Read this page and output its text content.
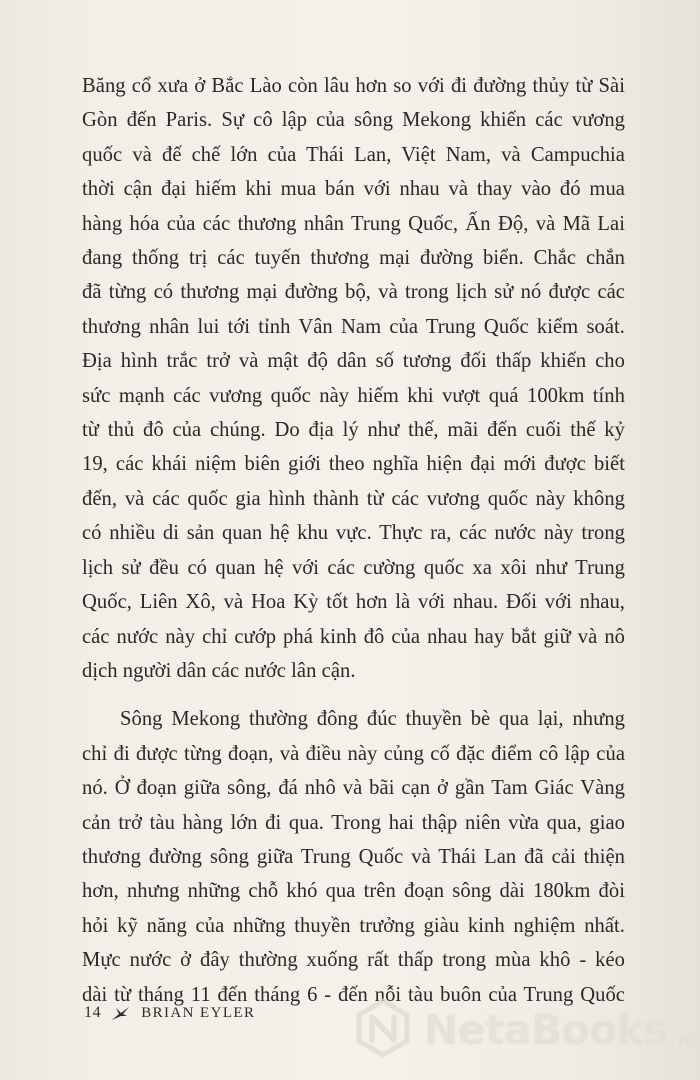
Băng cổ xưa ở Bắc Lào còn lâu hơn so với đi đường thủy từ Sài
Gòn đến Paris. Sự cô lập của sông Mekong khiến các vương
quốc và đế chế lớn của Thái Lan, Việt Nam, và Campuchia
thời cận đại hiếm khi mua bán với nhau và thay vào đó mua
hàng hóa của các thương nhân Trung Quốc, Ấn Độ, và Mã Lai
đang thống trị các tuyến thương mại đường biển. Chắc chắn
đã từng có thương mại đường bộ, và trong lịch sử nó được các
thương nhân lui tới tỉnh Vân Nam của Trung Quốc kiểm soát.
Địa hình trắc trở và mật độ dân số tương đối thấp khiến cho
sức mạnh các vương quốc này hiếm khi vượt quá 100km tính
từ thủ đô của chúng. Do địa lý như thế, mãi đến cuối thế kỷ
19, các khái niệm biên giới theo nghĩa hiện đại mới được biết
đến, và các quốc gia hình thành từ các vương quốc này không
có nhiều di sản quan hệ khu vực. Thực ra, các nước này trong
lịch sử đều có quan hệ với các cường quốc xa xôi như Trung
Quốc, Liên Xô, và Hoa Kỳ tốt hơn là với nhau. Đối với nhau,
các nước này chỉ cướp phá kinh đô của nhau hay bắt giữ và nô
dịch người dân các nước lân cận.

Sông Mekong thường đông đúc thuyền bè qua lại, nhưng
chỉ đi được từng đoạn, và điều này củng cố đặc điểm cô lập của
nó. Ở đoạn giữa sông, đá nhô và bãi cạn ở gần Tam Giác Vàng
cản trở tàu hàng lớn đi qua. Trong hai thập niên vừa qua, giao
thương đường sông giữa Trung Quốc và Thái Lan đã cải thiện
hơn, nhưng những chỗ khó qua trên đoạn sông dài 180km đòi
hỏi kỹ năng của những thuyền trưởng giàu kinh nghiệm nhất.
Mực nước ở đây thường xuống rất thấp trong mùa khô - kéo
dài từ tháng 11 đến tháng 6 - đến nỗi tàu buôn của Trung Quốc

14	BRIAN EYLER	NetaBooks .vn
